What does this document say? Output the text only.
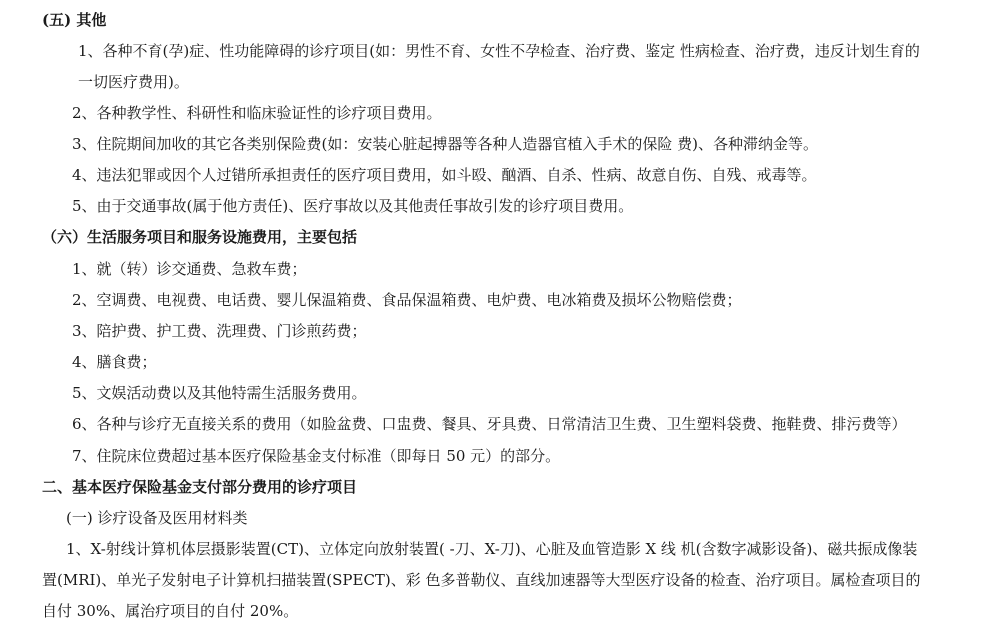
(五) 其他
1、各种不育(孕)症、性功能障碍的诊疗项目(如：男性不育、女性不孕检查、治疗费、鉴定 性病检查、治疗费，违反计划生育的
一切医疗费用)。
2、各种教学性、科研性和临床验证性的诊疗项目费用。
3、住院期间加收的其它各类别保险费(如：安装心脏起搏器等各种人造器官植入手术的保险 费)、各种滞纳金等。
4、违法犯罪或因个人过错所承担责任的医疗项目费用，如斗殴、酗酒、自杀、性病、故意自伤、自残、戒毒等。
5、由于交通事故(属于他方责任)、医疗事故以及其他责任事故引发的诊疗项目费用。
（六）生活服务项目和服务设施费用，主要包括
1、就（转）诊交通费、急救车费；
2、空调费、电视费、电话费、婴儿保温箱费、食品保温箱费、电炉费、电冰箱费及损坏公物赔偿费；
3、陪护费、护工费、洗理费、门诊煎药费；
4、膳食费；
5、文娱活动费以及其他特需生活服务费用。
6、各种与诊疗无直接关系的费用（如脸盆费、口盅费、餐具、牙具费、日常清洁卫生费、卫生塑料袋费、拖鞋费、排污费等）
7、住院床位费超过基本医疗保险基金支付标准（即每日 50 元）的部分。
二、基本医疗保险基金支付部分费用的诊疗项目
(一) 诊疗设备及医用材料类
1、X-射线计算机体层摄影装置(CT)、立体定向放射装置( -刀、X-刀)、心脏及血管造影 X 线 机(含数字减影设备)、磁共振成像装
置(MRI)、单光子发射电子计算机扫描装置(SPECT)、彩 色多普勒仪、直线加速器等大型医疗设备的检查、治疗项目。属检查项目的
自付 30%、属治疗项目的自付 20%。
